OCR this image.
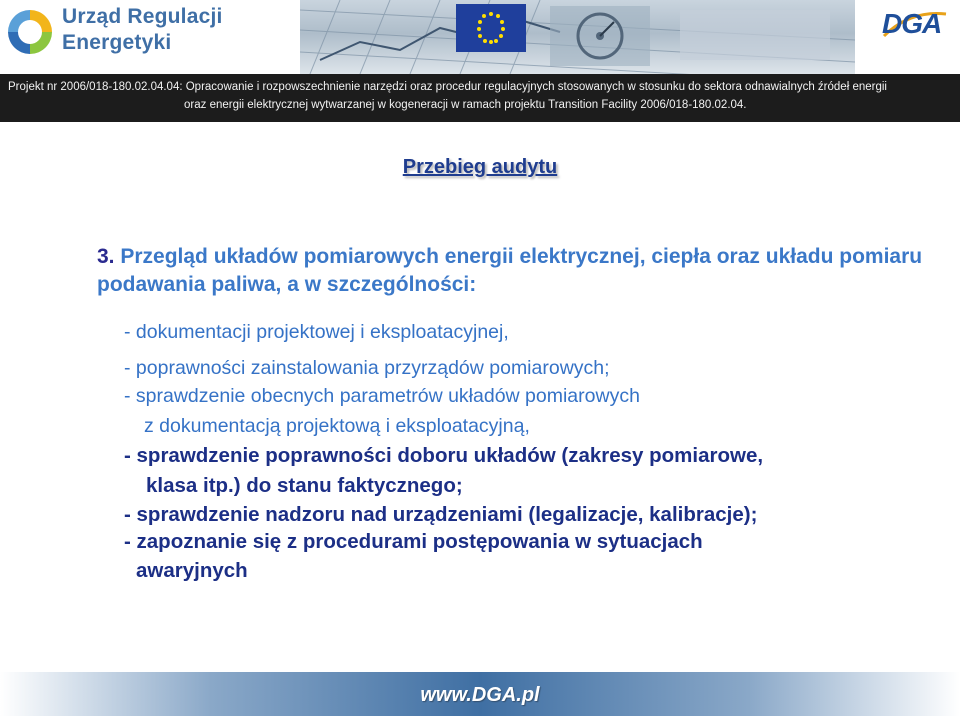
Urząd Regulacji
Energetyki
DGA
Projekt nr 2006/018-180.02.04.04: Opracowanie i rozpowszechnienie narzędzi oraz procedur regulacyjnych stosowanych w stosunku do sektora odnawialnych źródeł energii
oraz energii elektrycznej wytwarzanej w kogeneracji w ramach projektu Transition Facility 2006/018-180.02.04.
Przebieg audytu
3. Przegląd układów pomiarowych energii elektrycznej, ciepła oraz układu pomiaru podawania paliwa, a w szczególności:
- dokumentacji projektowej i eksploatacyjnej,
- poprawności zainstalowania przyrządów pomiarowych;
- sprawdzenie obecnych parametrów układów pomiarowych
z dokumentacją projektową i eksploatacyjną,
- sprawdzenie poprawności doboru układów (zakresy pomiarowe,
klasa itp.) do stanu faktycznego;
- sprawdzenie nadzoru nad urządzeniami (legalizacje, kalibracje);
- zapoznanie się z procedurami postępowania w sytuacjach
awaryjnych
www.DGA.pl
